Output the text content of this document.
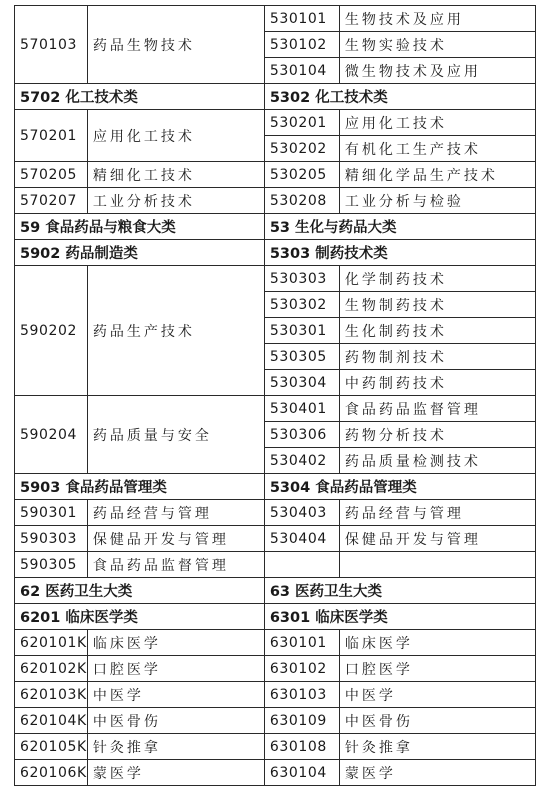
570103	药品生物技术	530101	生物技术及应用
		530102	生物实验技术
		530104	微生物技术及应用
5702 化工技术类		5302 化工技术类	
570201	应用化工技术	530201	应用化工技术
		530202	有机化工生产技术
570205	精细化工技术	530205	精细化学品生产技术
570207	工业分析技术	530208	工业分析与检验
59 食品药品与粮食大类		53 生化与药品大类	
5902 药品制造类		5303 制药技术类	
590202	药品生产技术	530303	化学制药技术
		530302	生物制药技术
		530301	生化制药技术
		530305	药物制剂技术
		530304	中药制药技术
590204	药品质量与安全	530401	食品药品监督管理
		530306	药物分析技术
		530402	药品质量检测技术
5903 食品药品管理类		5304 食品药品管理类	
590301	药品经营与管理	530403	药品经营与管理
590303	保健品开发与管理	530404	保健品开发与管理
590305	食品药品监督管理		
62 医药卫生大类		63 医药卫生大类	
6201 临床医学类		6301 临床医学类	
620101K	临床医学	630101	临床医学
620102K	口腔医学	630102	口腔医学
620103K	中医学	630103	中医学
620104K	中医骨伤	630109	中医骨伤
620105K	针灸推拿	630108	针灸推拿
620106K	蒙医学	630104	蒙医学
